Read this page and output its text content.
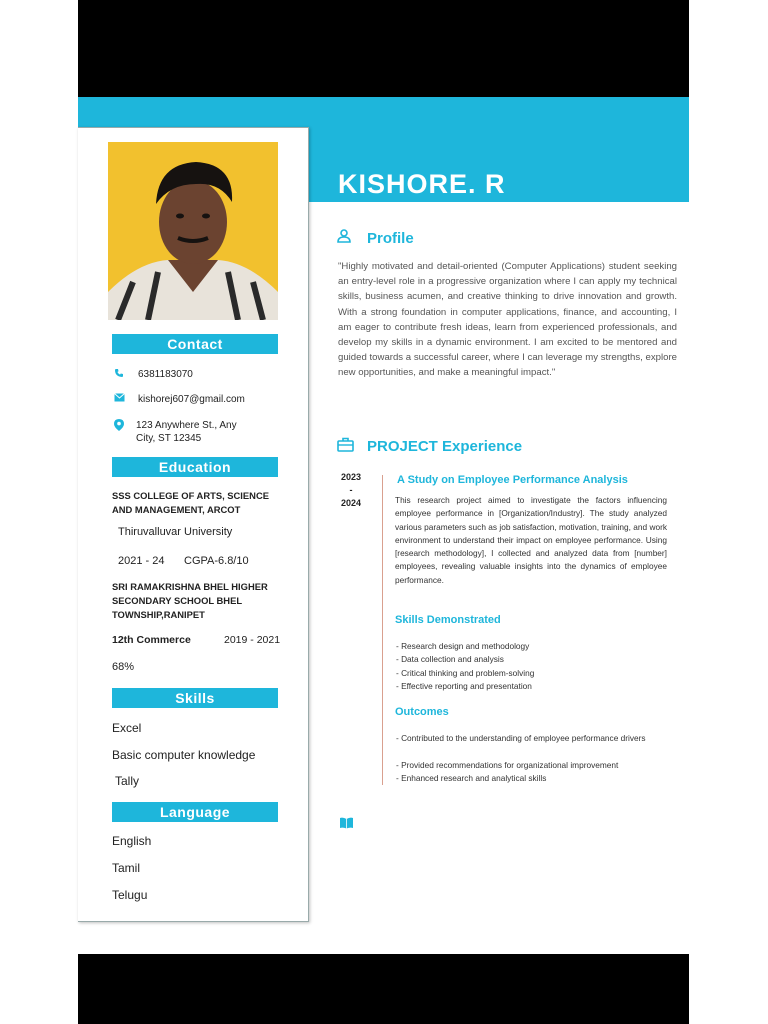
KISHORE. R
Contact
6381183070
kishorej607@gmail.com
123 Anywhere St., Any City, ST 12345
Education
SSS COLLEGE OF ARTS, SCIENCE AND MANAGEMENT, ARCOT
Thiruvalluvar University
2021 - 24 CGPA-6.8/10
SRI RAMAKRISHNA BHEL HIGHER SECONDARY SCHOOL BHEL TOWNSHIP,RANIPET
12th Commerce	2019 - 2021
68%
Skills
Excel
Basic computer knowledge
Tally
Language
English
Tamil
Telugu
Profile
"Highly motivated and detail-oriented (Computer Applications) student seeking an entry-level role in a progressive organization where I can apply my technical skills, business acumen, and creative thinking to drive innovation and growth. With a strong foundation in computer applications, finance, and accounting, I am eager to contribute fresh ideas, learn from experienced professionals, and develop my skills in a dynamic environment. I am excited to be mentored and guided towards a successful career, where I can leverage my strengths, explore new opportunities, and make a meaningful impact."
PROJECT Experience
2023
-
2024
A Study on Employee Performance Analysis
This research project aimed to investigate the factors influencing employee performance in [Organization/Industry]. The study analyzed various parameters such as job satisfaction, motivation, training, and work environment to understand their impact on employee performance. Using [research methodology], I collected and analyzed data from [number] employees, revealing valuable insights into the dynamics of employee performance.
Skills Demonstrated
- Research design and methodology
- Data collection and analysis
- Critical thinking and problem-solving
- Effective reporting and presentation
Outcomes
- Contributed to the understanding of employee performance drivers
- Provided recommendations for organizational improvement
- Enhanced research and analytical skills
